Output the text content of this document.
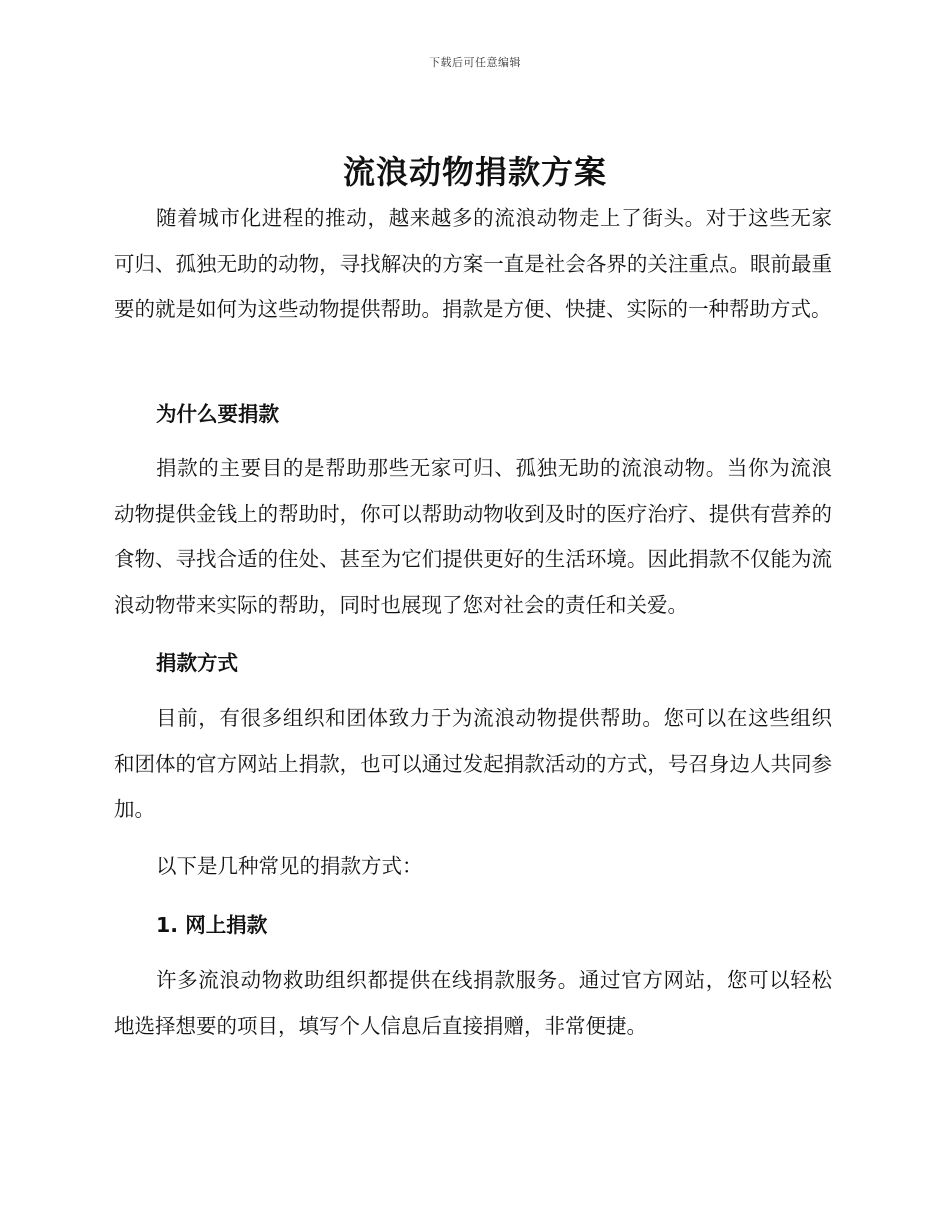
下载后可任意编辑
流浪动物捐款方案

随着城市化进程的推动，越来越多的流浪动物走上了街头。对于这些无家可归、孤独无助的动物，寻找解决的方案一直是社会各界的关注重点。眼前最重要的就是如何为这些动物提供帮助。捐款是方便、快捷、实际的一种帮助方式。

为什么要捐款

捐款的主要目的是帮助那些无家可归、孤独无助的流浪动物。当你为流浪动物提供金钱上的帮助时，你可以帮助动物收到及时的医疗治疗、提供有营养的食物、寻找合适的住处、甚至为它们提供更好的生活环境。因此捐款不仅能为流浪动物带来实际的帮助，同时也展现了您对社会的责任和关爱。

捐款方式

目前，有很多组织和团体致力于为流浪动物提供帮助。您可以在这些组织和团体的官方网站上捐款，也可以通过发起捐款活动的方式，号召身边人共同参加。

以下是几种常见的捐款方式：

1. 网上捐款

许多流浪动物救助组织都提供在线捐款服务。通过官方网站，您可以轻松地选择想要的项目，填写个人信息后直接捐赠，非常便捷。
